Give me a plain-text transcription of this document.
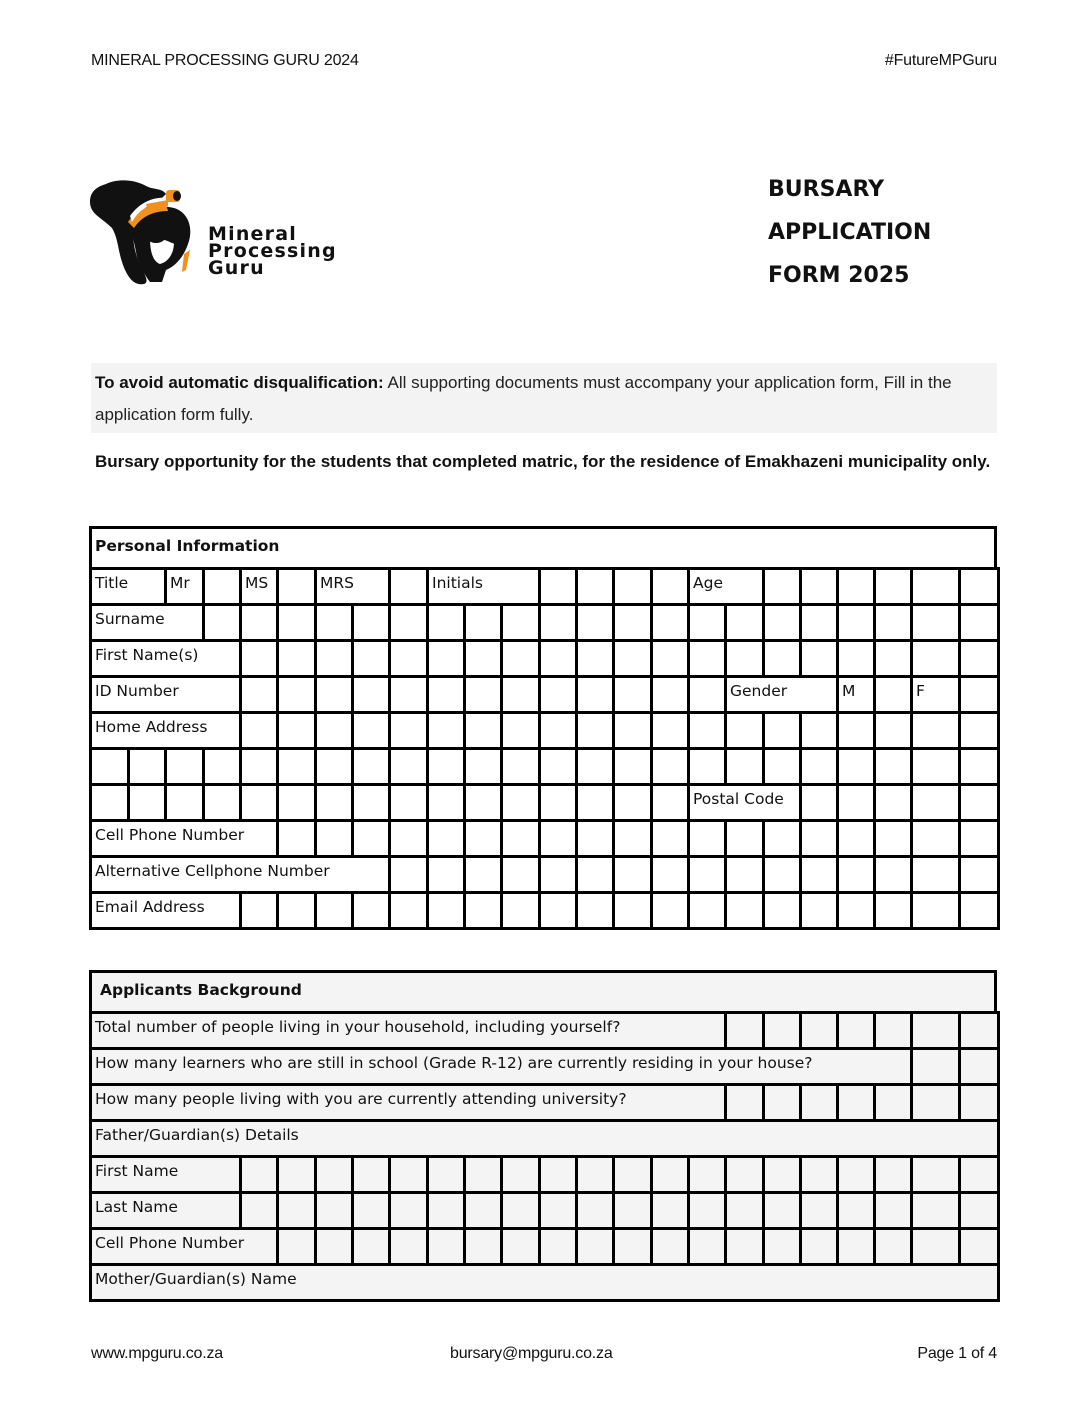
MINERAL PROCESSING GURU 2024	#FutureMPGuru
Mineral
Processing
Guru
BURSARY
APPLICATION
FORM 2025
To avoid automatic disqualification: All supporting documents must accompany your application form, Fill in the application form fully.
Bursary opportunity for the students that completed matric, for the residence of Emakhazeni municipality only.
Personal Information
Title	Mr	MS	MRS	Initials	Age
Surname
First Name(s)
ID Number	Gender	M	F
Home Address
Postal Code
Cell Phone Number
Alternative Cellphone Number
Email Address
Applicants Background
Total number of people living in your household, including yourself?
How many learners who are still in school (Grade R-12) are currently residing in your house?
How many people living with you are currently attending university?
Father/Guardian(s) Details
First Name
Last Name
Cell Phone Number
Mother/Guardian(s) Name
www.mpguru.co.za	bursary@mpguru.co.za	Page 1 of 4
